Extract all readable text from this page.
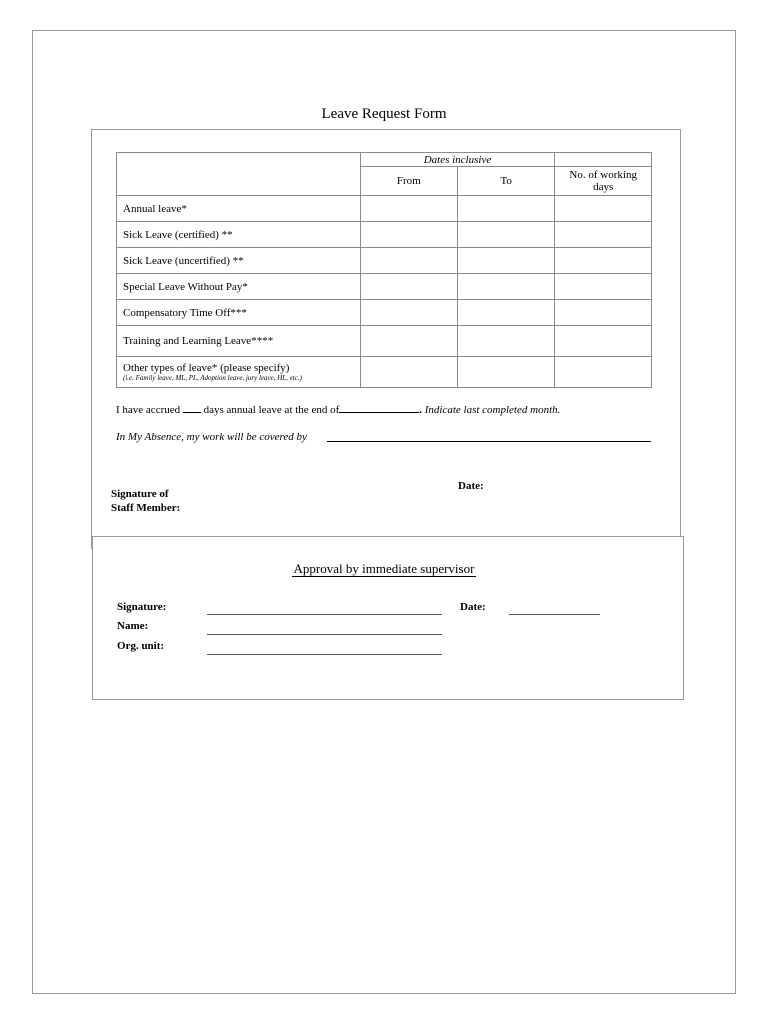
Leave Request Form
	Dates inclusive		
	From	To	No. of working days
Annual leave*			
Sick Leave (certified) **			
Sick Leave (uncertified) **			
Special Leave Without Pay*			
Compensatory Time Off***			
Training and Learning Leave****			
Other types of leave* (please specify)
(i.e. Family leave, ML, PL, Adoption leave, jury leave, HL, etc.)			

I have accrued days annual leave at the end of	. Indicate last completed month.
In My Absence, my work will be covered by
Signature of
Staff Member:
Date:
Approval by immediate supervisor
Signature:	Date:
Name:
Org. unit:
